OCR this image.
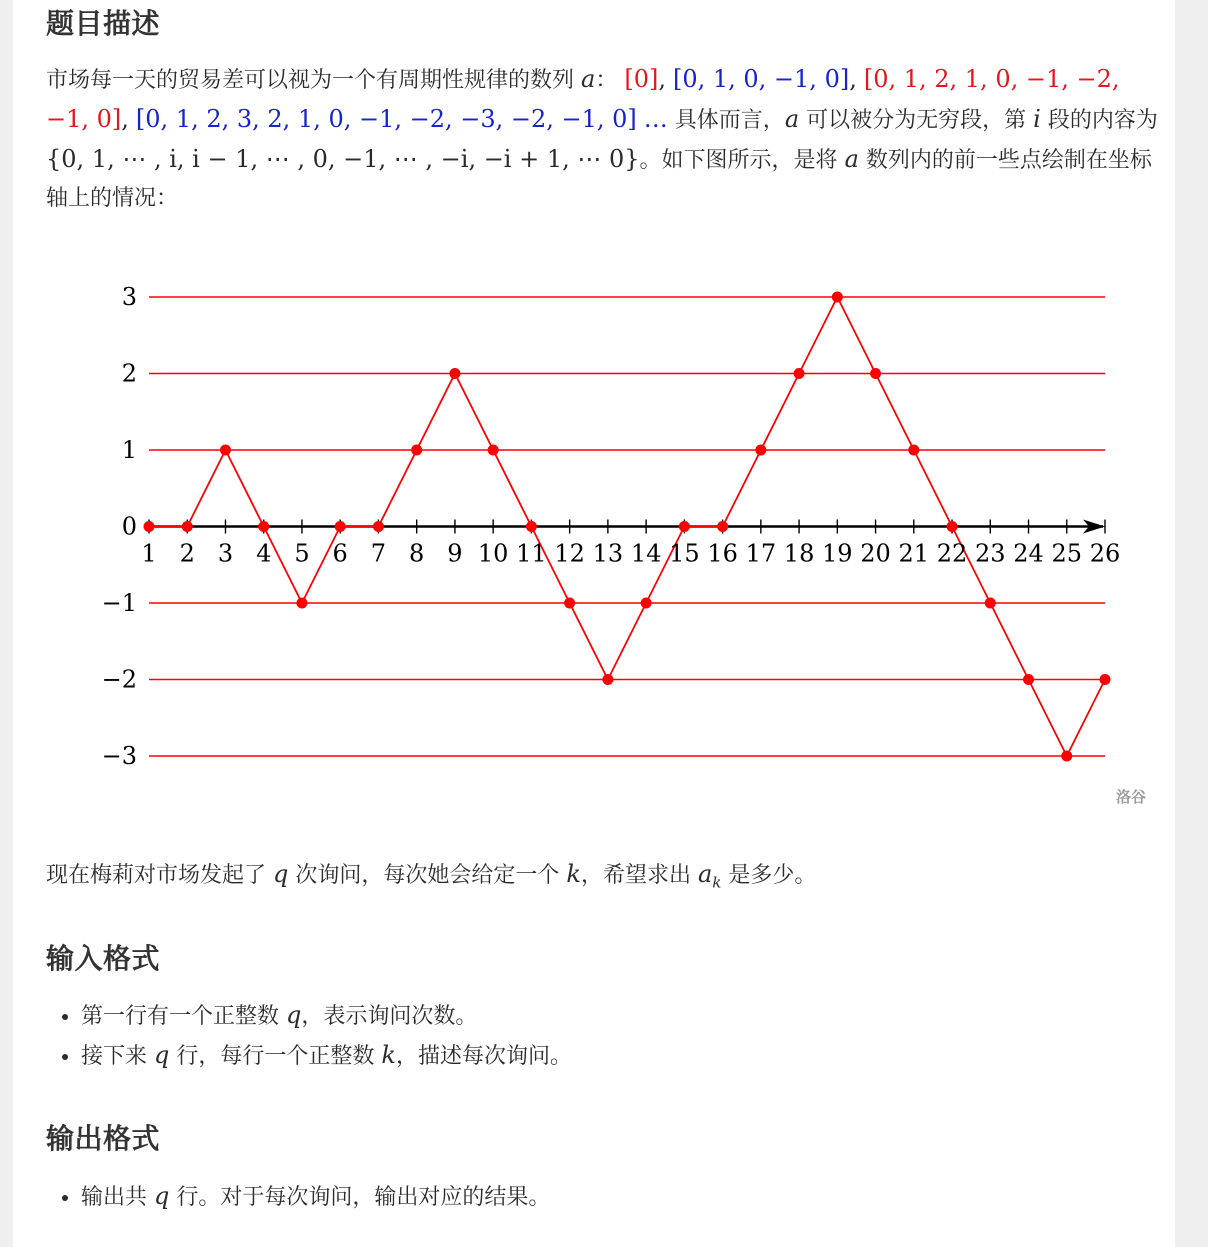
题目描述

市场每一天的贸易差可以视为一个有周期性规律的数列 a： [0], [0, 1, 0, −1, 0], [0, 1, 2, 1, 0, −1, −2, −1, 0], [0, 1, 2, 3, 2, 1, 0, −1, −2, −3, −2, −1, 0] … 具体而言，a 可以被分为无穷段，第 i 段的内容为 {0, 1, ⋯ , i, i − 1, ⋯ , 0, −1, ⋯ , −i, −i + 1, ⋯ 0}。如下图所示，是将 a 数列内的前一些点绘制在坐标轴上的情况：

3
2
1
0
−1
−2
−3
1 2 3 4 5 6 7 8 9 10 11 12 13 14 15 16 17 18 19 20 21 22 23 24 25 26
洛谷

现在梅莉对市场发起了 q 次询问，每次她会给定一个 k，希望求出 $a_k$ 是多少。

输入格式
• 第一行有一个正整数 q，表示询问次数。
• 接下来 q 行，每行一个正整数 k，描述每次询问。
输出格式
• 输出共 q 行。对于每次询问，输出对应的结果。
